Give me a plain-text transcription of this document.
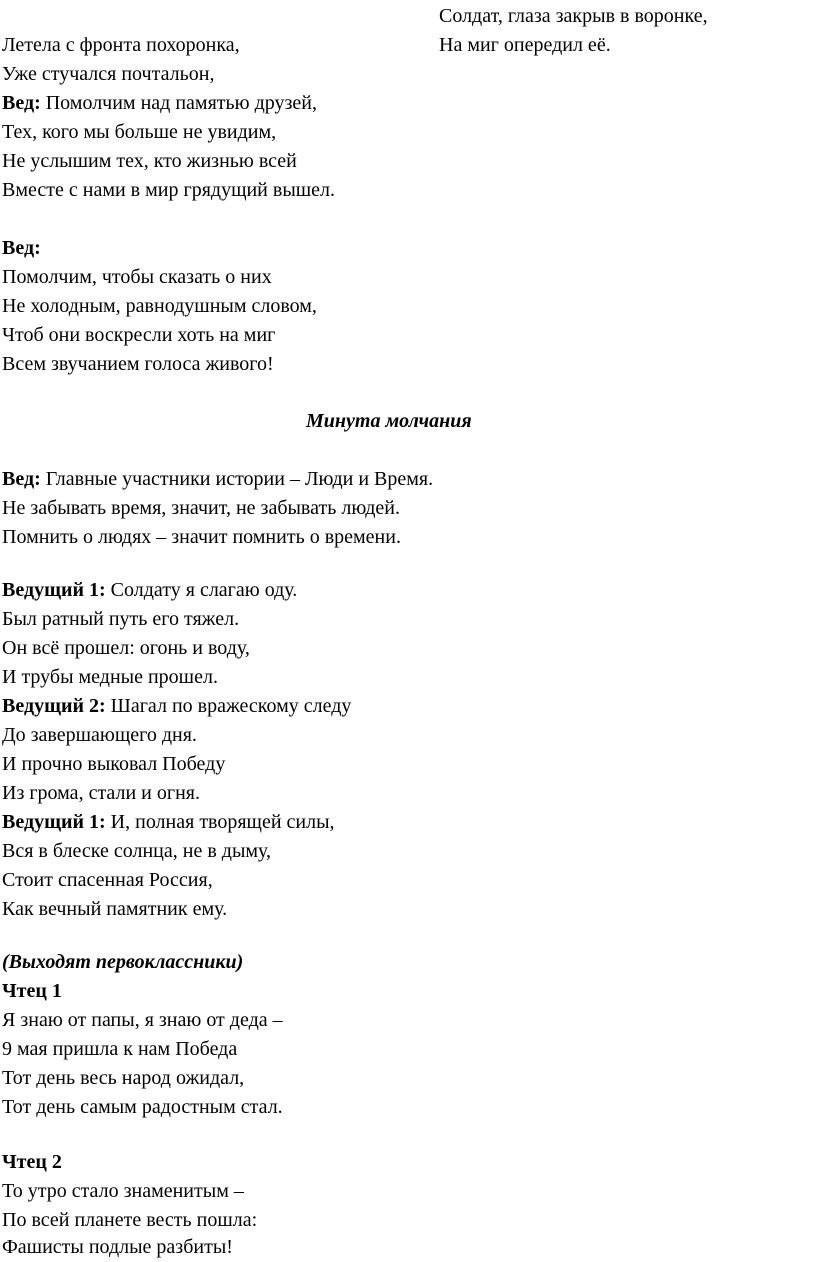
Солдат, глаза закрыв в воронке,
На миг опередил её.
Летела с фронта похоронка,
Уже стучался почтальон,
Вед: Помолчим над памятью друзей,
Тех, кого мы больше не увидим,
Не услышим тех, кто жизнью всей
Вместе с нами в мир грядущий вышел.
Вед:
Помолчим, чтобы сказать о них
Не холодным, равнодушным словом,
Чтоб они воскресли хоть на миг
Всем звучанием голоса живого!
Минута молчания
Вед: Главные участники истории – Люди и Время.
Не забывать время, значит, не забывать людей.
Помнить о людях – значит помнить о времени.
Ведущий 1: Солдату я слагаю оду.
Был ратный путь его тяжел.
Он всё прошел: огонь и воду,
И трубы медные прошел.
Ведущий 2: Шагал по вражескому следу
До завершающего дня.
И прочно выковал Победу
Из грома, стали и огня.
Ведущий 1: И, полная творящей силы,
Вся в блеске солнца, не в дыму,
Стоит спасенная Россия,
Как вечный памятник ему.
(Выходят первоклассники)
Чтец 1
Я знаю от папы, я знаю от деда –
9 мая пришла к нам Победа
Тот день весь народ ожидал,
Тот день самым радостным стал.
Чтец 2
То утро стало знаменитым –
По всей планете весть пошла:
Фашисты подлые разбиты!
